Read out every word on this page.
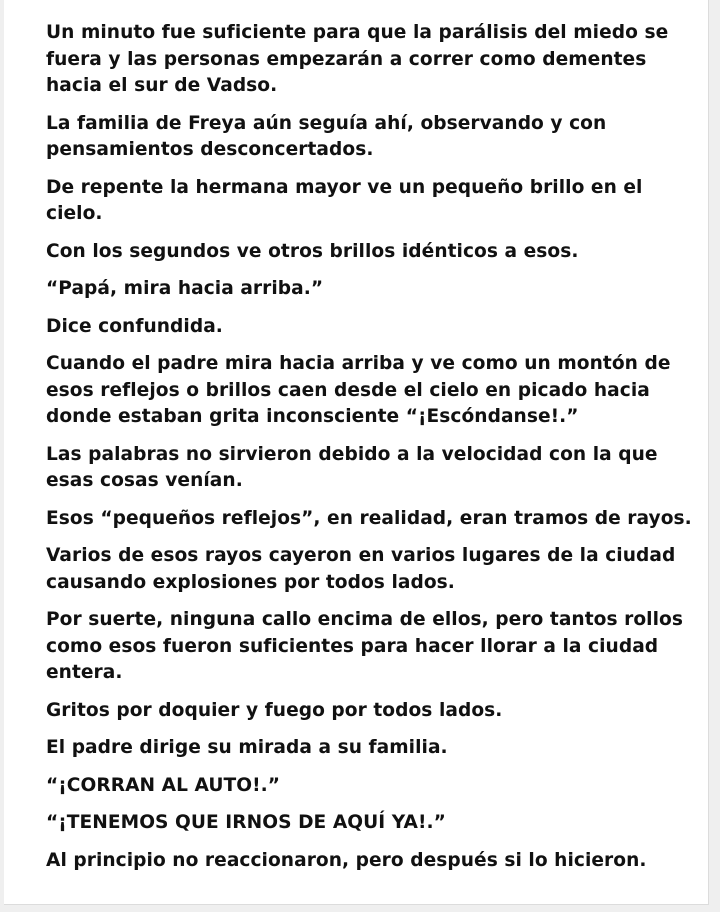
Un minuto fue suficiente para que la parálisis del miedo se fuera y las personas empezarán a correr como dementes hacia el sur de Vadso.

La familia de Freya aún seguía ahí, observando y con pensamientos desconcertados.

De repente la hermana mayor ve un pequeño brillo en el cielo.

Con los segundos ve otros brillos idénticos a esos.

“Papá, mira hacia arriba.”

Dice confundida.

Cuando el padre mira hacia arriba y ve como un montón de esos reflejos o brillos caen desde el cielo en picado hacia donde estaban grita inconsciente “¡Escóndanse!.”

Las palabras no sirvieron debido a la velocidad con la que esas cosas venían.

Esos “pequeños reflejos”, en realidad, eran tramos de rayos.

Varios de esos rayos cayeron en varios lugares de la ciudad causando explosiones por todos lados.

Por suerte, ninguna callo encima de ellos, pero tantos rollos como esos fueron suficientes para hacer llorar a la ciudad entera.

Gritos por doquier y fuego por todos lados.

El padre dirige su mirada a su familia.

“¡CORRAN AL AUTO!.”

“¡TENEMOS QUE IRNOS DE AQUÍ YA!.”

Al principio no reaccionaron, pero después si lo hicieron.
